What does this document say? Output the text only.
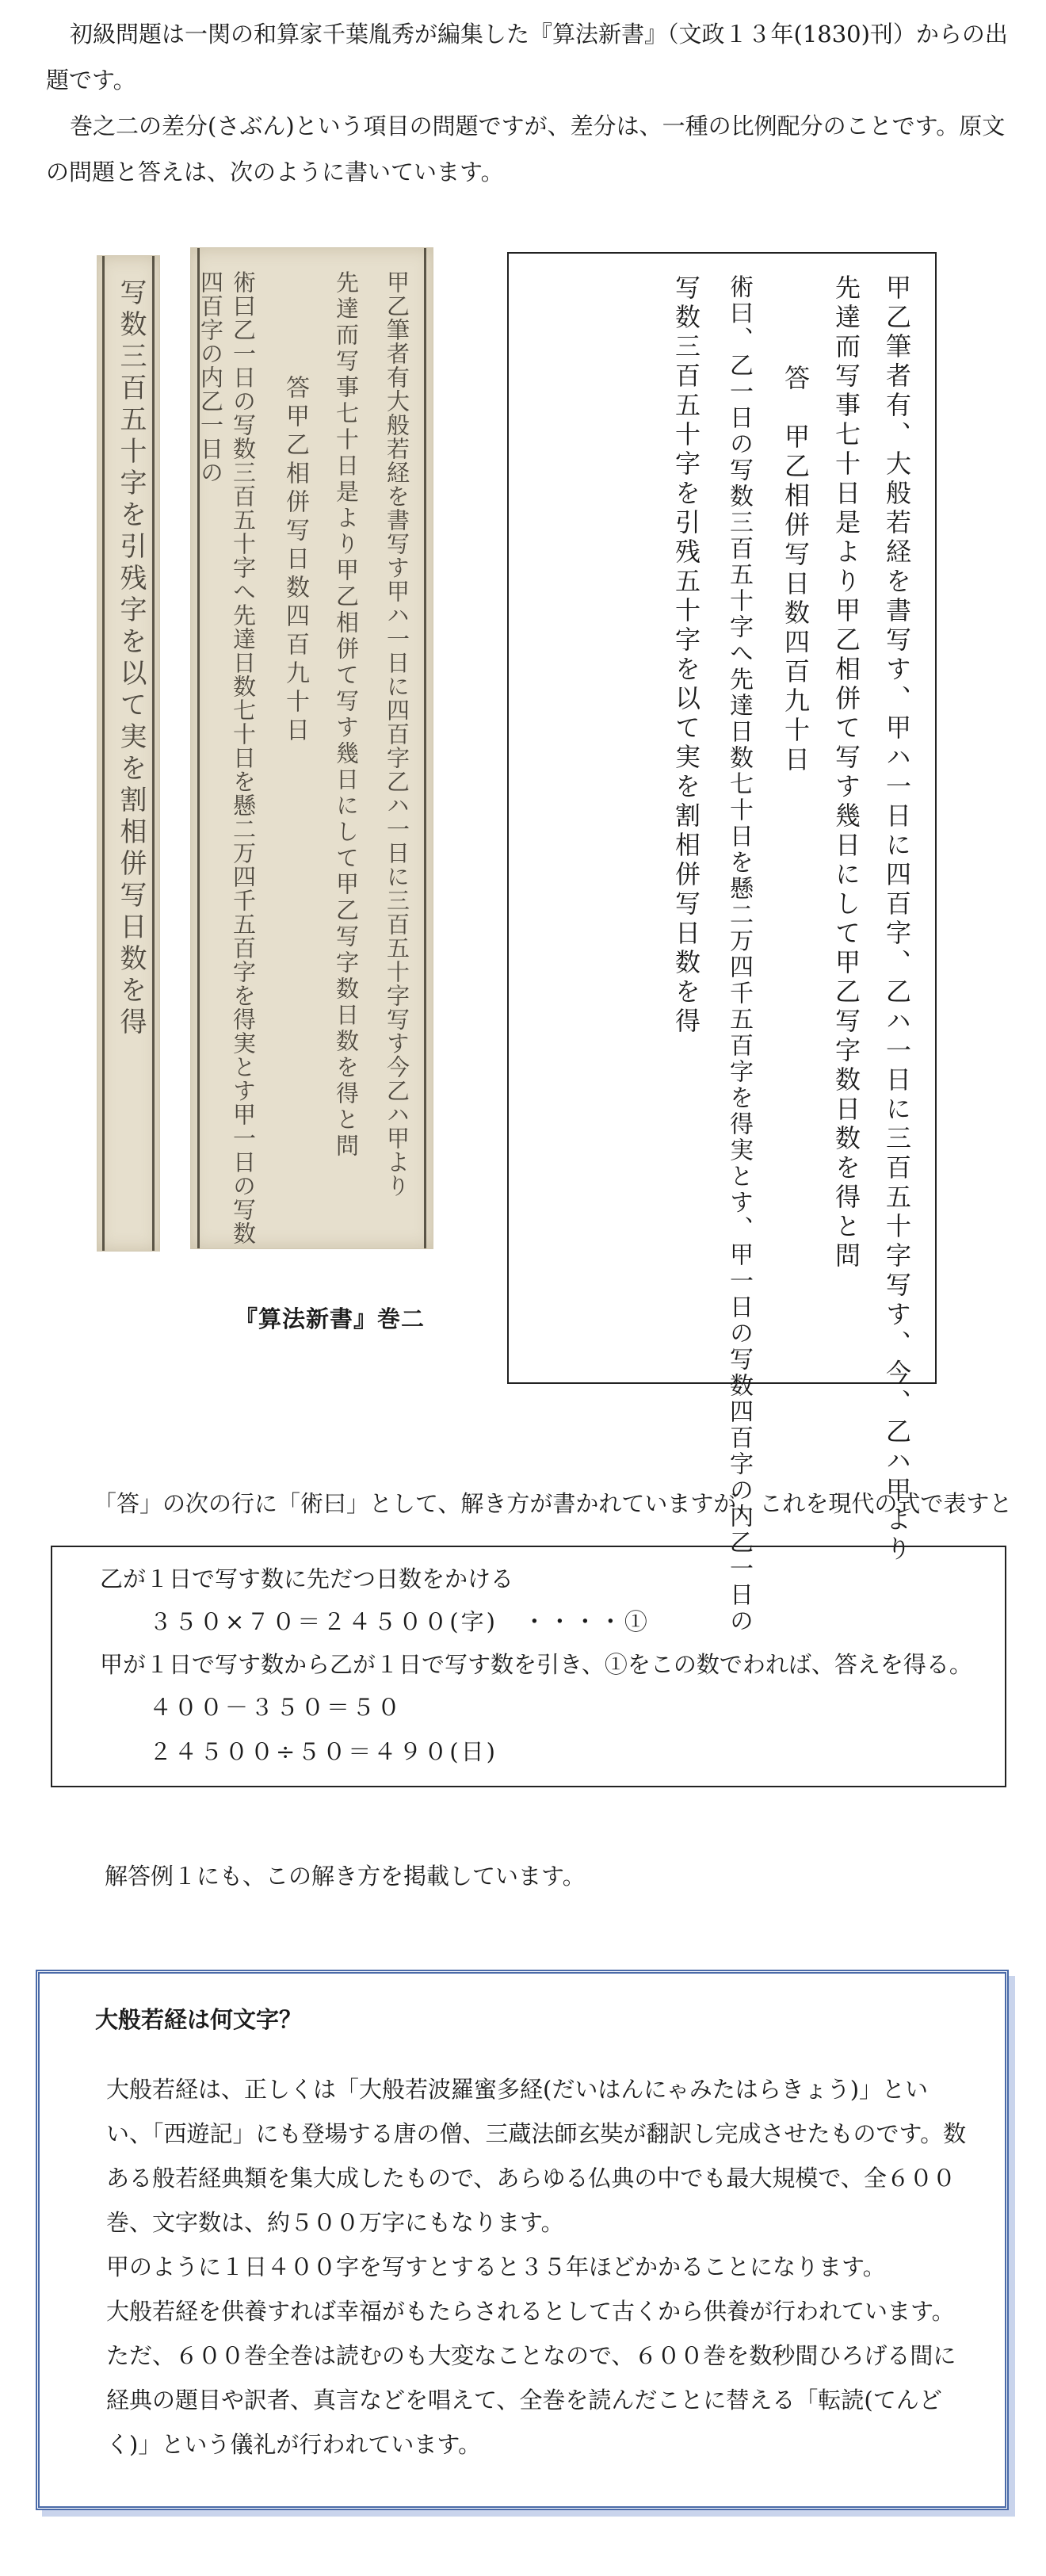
初級問題は一関の和算家千葉胤秀が編集した『算法新書』（文政１３年(1830)刊）からの出題です。

巻之二の差分(さぶん)という項目の問題ですが、差分は、一種の比例配分のことです。原文の問題と答えは、次のように書いています。

写数三百五十字を引残字を以て実を割相併写日数を得	甲乙筆者有大般若経を書写す甲ハ一日に四百字乙ハ一日に三百五十字写す今乙ハ甲より
先達而写事七十日是より甲乙相併て写す幾日にして甲乙写字数日数を得と問
答甲乙相併写日数四百九十日
術曰乙一日の写数三百五十字へ先達日数七十日を懸二万四千五百字を得実とす甲一日の写数四百字の内乙一日の
『算法新書』巻二	甲乙筆者有、大般若経を書写す、甲ハ一日に四百字、乙ハ一日に三百五十字写す、今、乙ハ甲より
先達而写事七十日是より甲乙相併て写す幾日にして甲乙写字数日数を得と問
答　甲乙相併写日数四百九十日
術曰、乙一日の写数三百五十字へ先達日数七十日を懸二万四千五百字を得実とす、甲一日の写数四百字の内乙一日の
写数三百五十字を引残五十字を以て実を割相併写日数を得

「答」の次の行に「術曰」として、解き方が書かれていますが、これを現代の式で表すと

乙が１日で写す数に先だつ日数をかける

３５０×７０＝２４５００(字)　・・・・①

甲が１日で写す数から乙が１日で写す数を引き、①をこの数でわれば、答えを得る。

４００－３５０＝５０

２４５００÷５０＝４９０(日)

解答例１にも、この解き方を掲載しています。

大般若経は何文字？
大般若経は、正しくは「大般若波羅蜜多経(だいはんにゃみたはらきょう)」といい、「西遊記」にも登場する唐の僧、三蔵法師玄奘が翻訳し完成させたものです。数ある般若経典類を集大成したもので、あらゆる仏典の中でも最大規模で、全６００巻、文字数は、約５００万字にもなります。
甲のように１日４００字を写すとすると３５年ほどかかることになります。
大般若経を供養すれば幸福がもたらされるとして古くから供養が行われています。ただ、６００巻全巻は読むのも大変なことなので、６００巻を数秒間ひろげる間に経典の題目や訳者、真言などを唱えて、全巻を読んだことに替える「転読(てんどく)」という儀礼が行われています。
